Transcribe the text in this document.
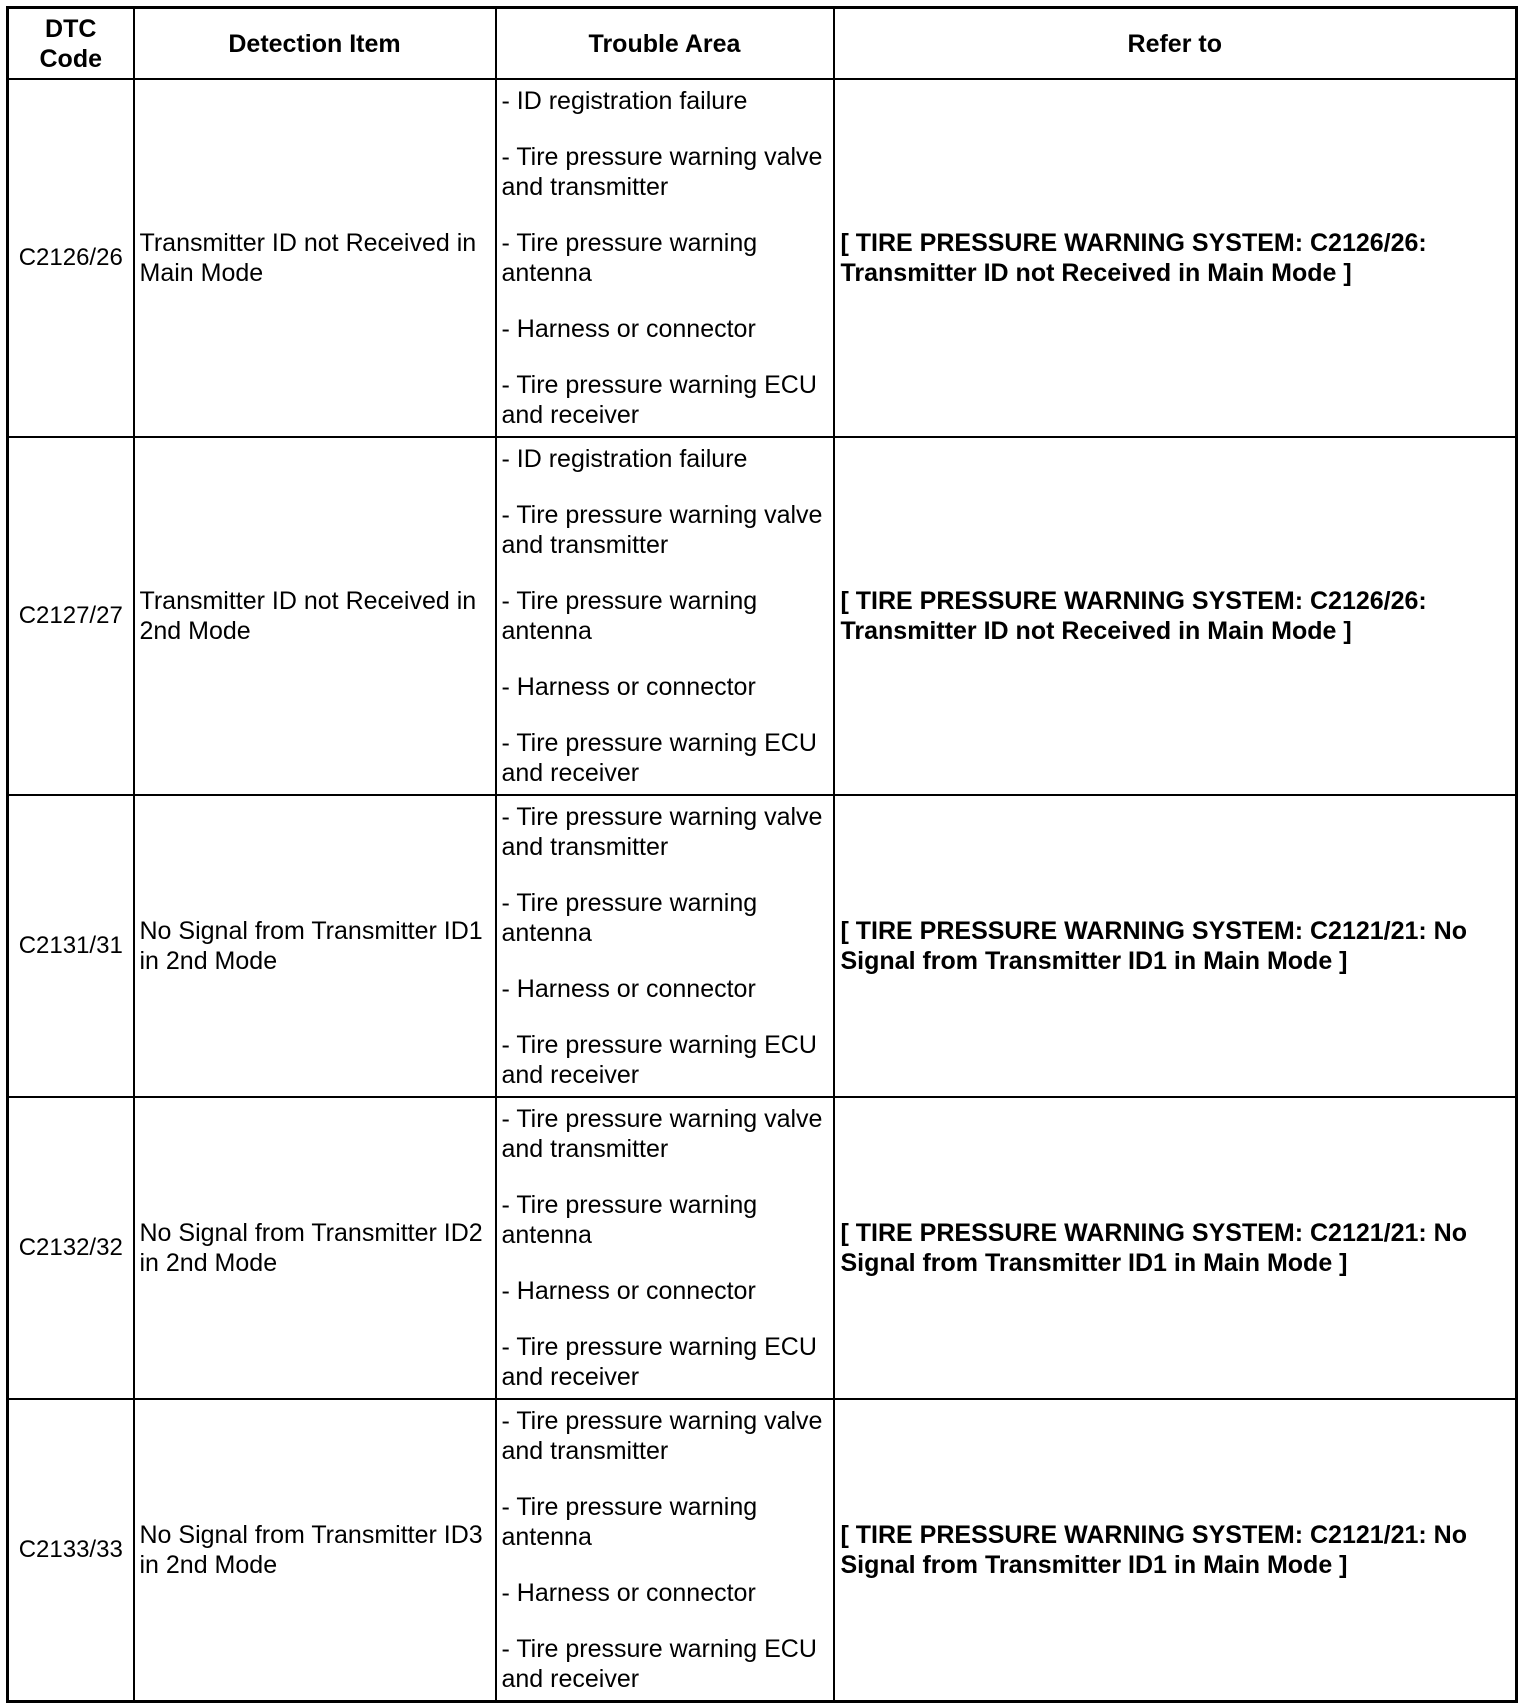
DTC Code	Detection Item	Trouble Area	Refer to
C2126/26	Transmitter ID not Received in Main Mode	- ID registration failure
- Tire pressure warning valve and transmitter
- Tire pressure warning antenna
- Harness or connector
- Tire pressure warning ECU and receiver	[ TIRE PRESSURE WARNING SYSTEM: C2126/26: Transmitter ID not Received in Main Mode ]
C2127/27	Transmitter ID not Received in 2nd Mode	- ID registration failure
- Tire pressure warning valve and transmitter
- Tire pressure warning antenna
- Harness or connector
- Tire pressure warning ECU and receiver	[ TIRE PRESSURE WARNING SYSTEM: C2126/26: Transmitter ID not Received in Main Mode ]
C2131/31	No Signal from Transmitter ID1 in 2nd Mode	- Tire pressure warning valve and transmitter
- Tire pressure warning antenna
- Harness or connector
- Tire pressure warning ECU and receiver	[ TIRE PRESSURE WARNING SYSTEM: C2121/21: No Signal from Transmitter ID1 in Main Mode ]
C2132/32	No Signal from Transmitter ID2 in 2nd Mode	- Tire pressure warning valve and transmitter
- Tire pressure warning antenna
- Harness or connector
- Tire pressure warning ECU and receiver	[ TIRE PRESSURE WARNING SYSTEM: C2121/21: No Signal from Transmitter ID1 in Main Mode ]
C2133/33	No Signal from Transmitter ID3 in 2nd Mode	- Tire pressure warning valve and transmitter
- Tire pressure warning antenna
- Harness or connector
- Tire pressure warning ECU and receiver	[ TIRE PRESSURE WARNING SYSTEM: C2121/21: No Signal from Transmitter ID1 in Main Mode ]
